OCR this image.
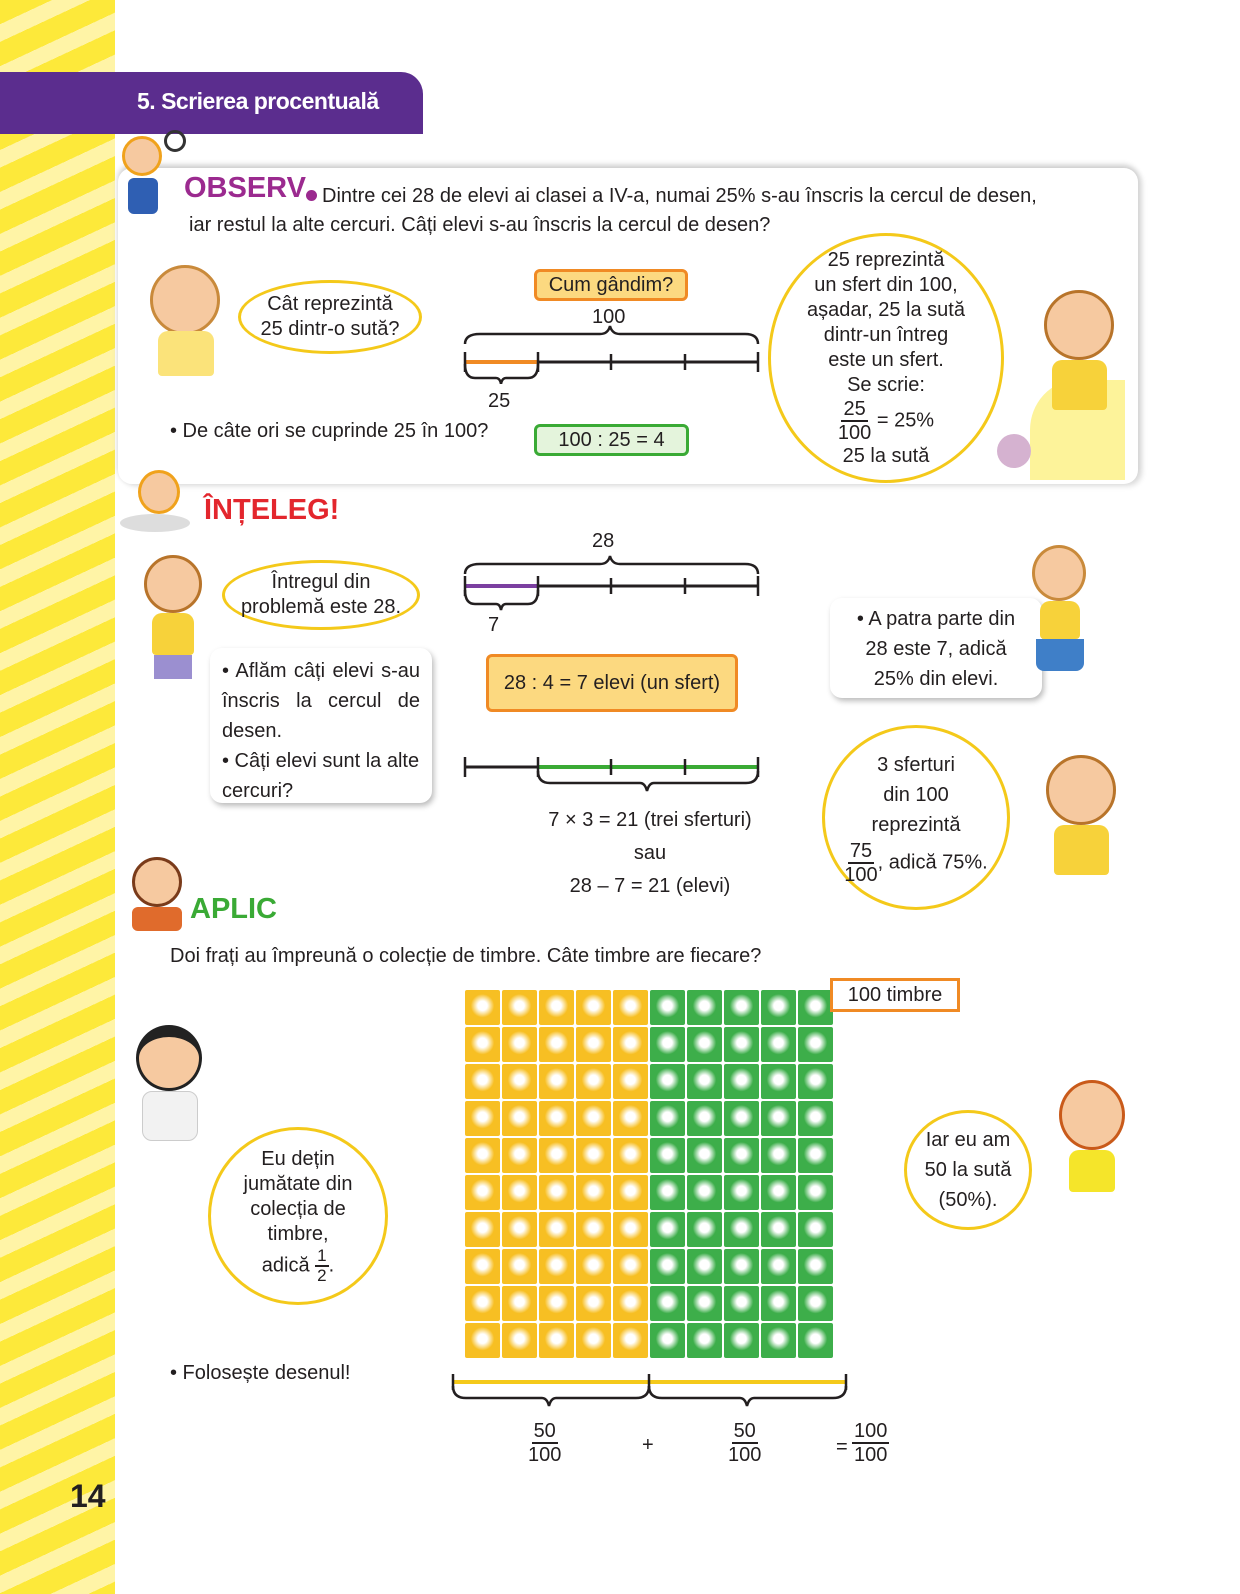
14
5. Scrierea procentuală
OBSERV Dintre cei 28 de elevi ai clasei a IV-a, numai 25% s-au înscris la cercul de desen,
iar restul la alte cercuri. Câți elevi s-au înscris la cercul de desen?
Cât reprezintă
25 dintr-o sută?
Cum gândim?
100
25
• De câte ori se cuprinde 25 în 100?	100 : 25 = 4
25 reprezintă
un sfert din 100,
așadar, 25 la sută
dintr-un întreg
este un sfert.
Se scrie:
$\frac{25}{100} = 25\%$
25 la sută
ÎNȚELEG!
Întregul din
problemă este 28.
• Aflăm câți elevi s-au înscris la cercul de desen.
• Câți elevi sunt la alte cercuri?
28
7
28 : 4 = 7 elevi (un sfert)
7 × 3 = 21 (trei sferturi)
sau
28 – 7 = 21 (elevi)
• A patra parte din
28 este 7, adică
25% din elevi.
3 sferturi
din 100
reprezintă
$\frac{75}{100}$ , adică 75%.
APLIC
Doi frați au împreună o colecție de timbre. Câte timbre are fiecare?
100 timbre
Eu dețin
jumătate din
colecția de
timbre,
adică $\frac{1}{2}$ .
Iar eu am
50 la sută
(50%).
• Folosește desenul!
$\frac{50}{100}$	+	$\frac{50}{100}$	= $\frac{100}{100}$
